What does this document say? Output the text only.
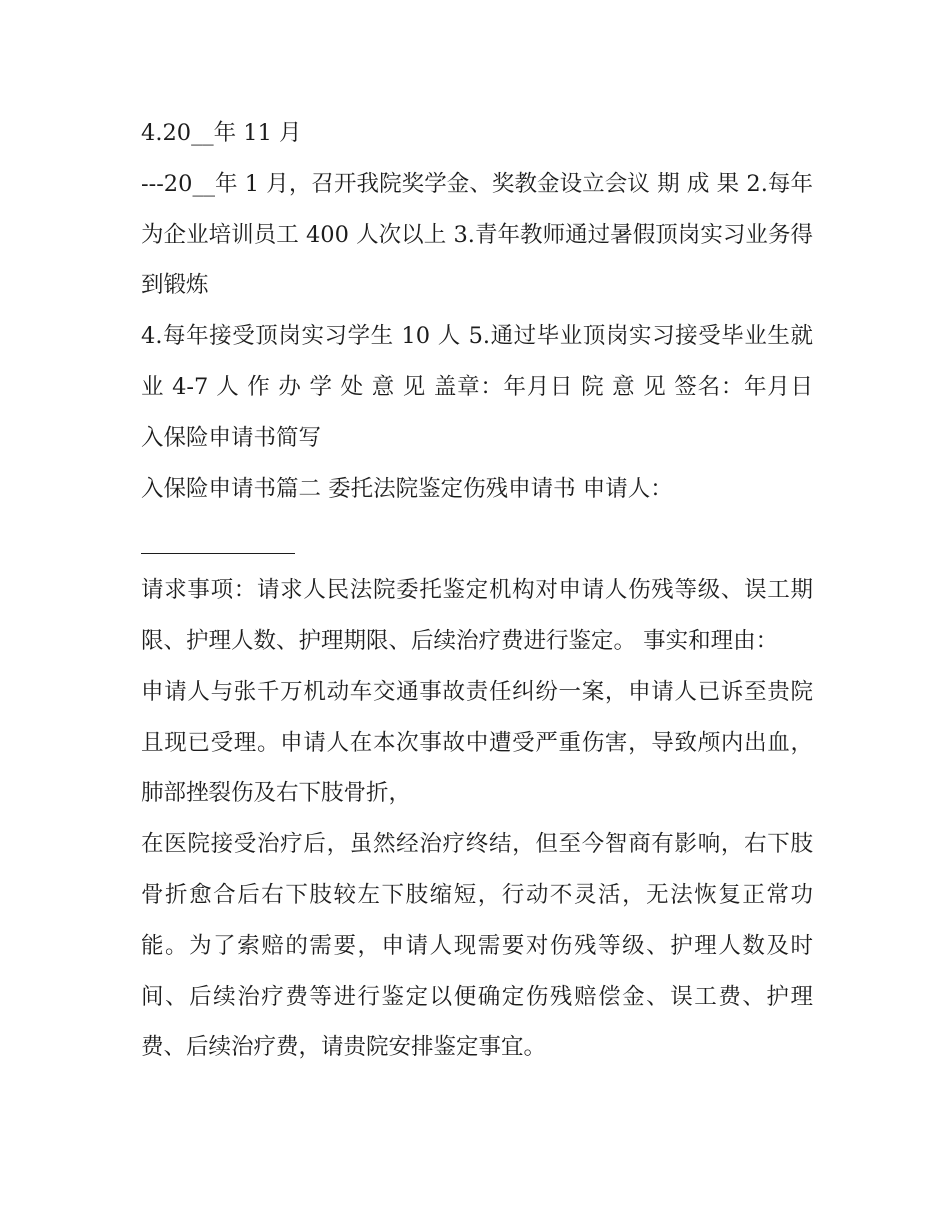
4.20__年 11 月

---20__年 1 月，召开我院奖学金、奖教金设立会议 期 成 果 2.每年为企业培训员工 400 人次以上 3.青年教师通过暑假顶岗实习业务得到锻炼

4.每年接受顶岗实习学生 10 人 5.通过毕业顶岗实习接受毕业生就业 4-7 人 作 办 学 处 意 见 盖章：年月日 院 意 见 签名：年月日 入保险申请书简写

入保险申请书篇二 委托法院鉴定伤残申请书 申请人：

请求事项：请求人民法院委托鉴定机构对申请人伤残等级、误工期限、护理人数、护理期限、后续治疗费进行鉴定。 事实和理由：

申请人与张千万机动车交通事故责任纠纷一案，申请人已诉至贵院且现已受理。申请人在本次事故中遭受严重伤害，导致颅内出血，肺部挫裂伤及右下肢骨折，

在医院接受治疗后，虽然经治疗终结，但至今智商有影响，右下肢骨折愈合后右下肢较左下肢缩短，行动不灵活，无法恢复正常功能。为了索赔的需要，申请人现需要对伤残等级、护理人数及时间、后续治疗费等进行鉴定以便确定伤残赔偿金、误工费、护理费、后续治疗费，请贵院安排鉴定事宜。
